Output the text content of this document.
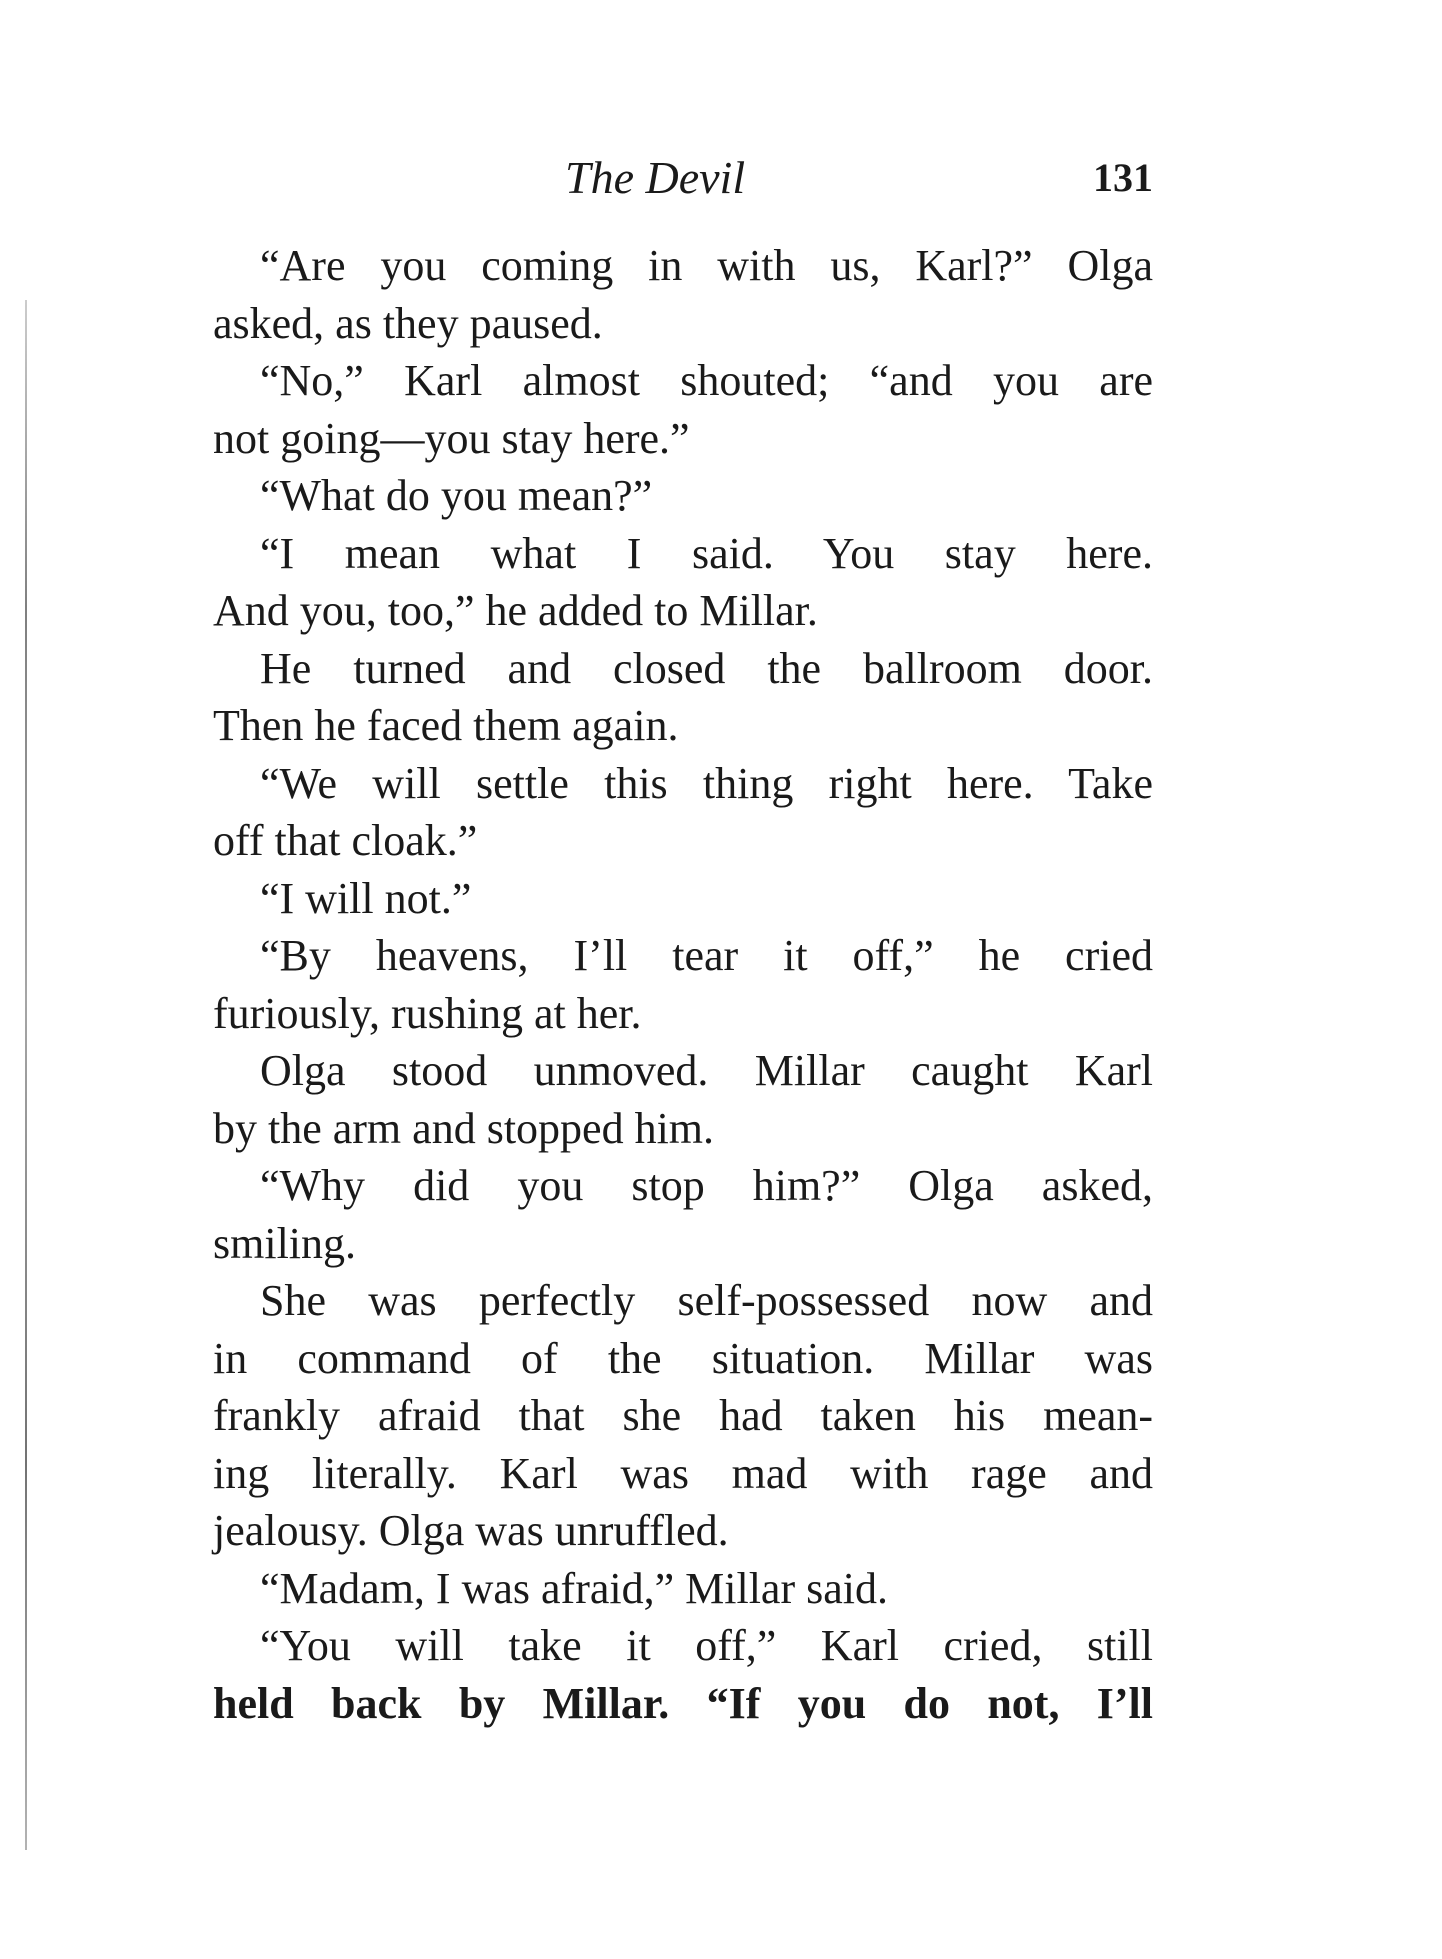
The Devil	131
“Are you coming in with us, Karl?” Olga
asked, as they paused.
“No,” Karl almost shouted; “and you are
not going—you stay here.”
“What do you mean?”
“I mean what I said. You stay here.
And you, too,” he added to Millar.
He turned and closed the ballroom door.
Then he faced them again.
“We will settle this thing right here. Take
off that cloak.”
“I will not.”
“By heavens, I’ll tear it off,” he cried
furiously, rushing at her.
Olga stood unmoved. Millar caught Karl
by the arm and stopped him.
“Why did you stop him?” Olga asked,
smiling.
She was perfectly self-possessed now and
in command of the situation. Millar was
frankly afraid that she had taken his mean-
ing literally. Karl was mad with rage and
jealousy. Olga was unruffled.
“Madam, I was afraid,” Millar said.
“You will take it off,” Karl cried, still
held back by Millar. “If you do not, I’ll
